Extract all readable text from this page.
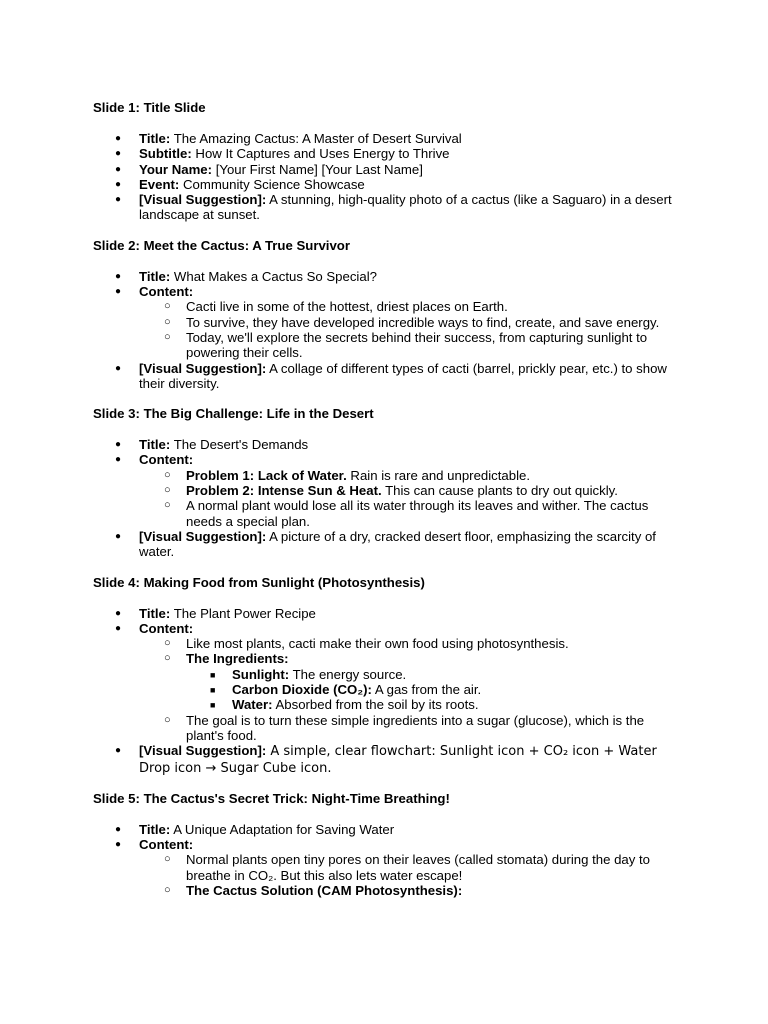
Slide 1: Title Slide
● Title: The Amazing Cactus: A Master of Desert Survival
● Subtitle: How It Captures and Uses Energy to Thrive
● Your Name: [Your First Name] [Your Last Name]
● Event: Community Science Showcase
● [Visual Suggestion]: A stunning, high-quality photo of a cactus (like a Saguaro) in a desert landscape at sunset.
Slide 2: Meet the Cactus: A True Survivor
● Title: What Makes a Cactus So Special?
● Content:
○ Cacti live in some of the hottest, driest places on Earth.
○ To survive, they have developed incredible ways to find, create, and save energy.
○ Today, we'll explore the secrets behind their success, from capturing sunlight to powering their cells.
● [Visual Suggestion]: A collage of different types of cacti (barrel, prickly pear, etc.) to show their diversity.
Slide 3: The Big Challenge: Life in the Desert
● Title: The Desert's Demands
● Content:
○ Problem 1: Lack of Water. Rain is rare and unpredictable.
○ Problem 2: Intense Sun & Heat. This can cause plants to dry out quickly.
○ A normal plant would lose all its water through its leaves and wither. The cactus needs a special plan.
● [Visual Suggestion]: A picture of a dry, cracked desert floor, emphasizing the scarcity of water.
Slide 4: Making Food from Sunlight (Photosynthesis)
● Title: The Plant Power Recipe
● Content:
○ Like most plants, cacti make their own food using photosynthesis.
○ The Ingredients:
■ Sunlight: The energy source.
■ Carbon Dioxide (CO₂): A gas from the air.
■ Water: Absorbed from the soil by its roots.
○ The goal is to turn these simple ingredients into a sugar (glucose), which is the plant's food.
● [Visual Suggestion]: A simple, clear flowchart: Sunlight icon + CO₂ icon + Water Drop icon → Sugar Cube icon.
Slide 5: The Cactus's Secret Trick: Night-Time Breathing!
● Title: A Unique Adaptation for Saving Water
● Content:
○ Normal plants open tiny pores on their leaves (called stomata) during the day to breathe in CO₂. But this also lets water escape!
○ The Cactus Solution (CAM Photosynthesis):
